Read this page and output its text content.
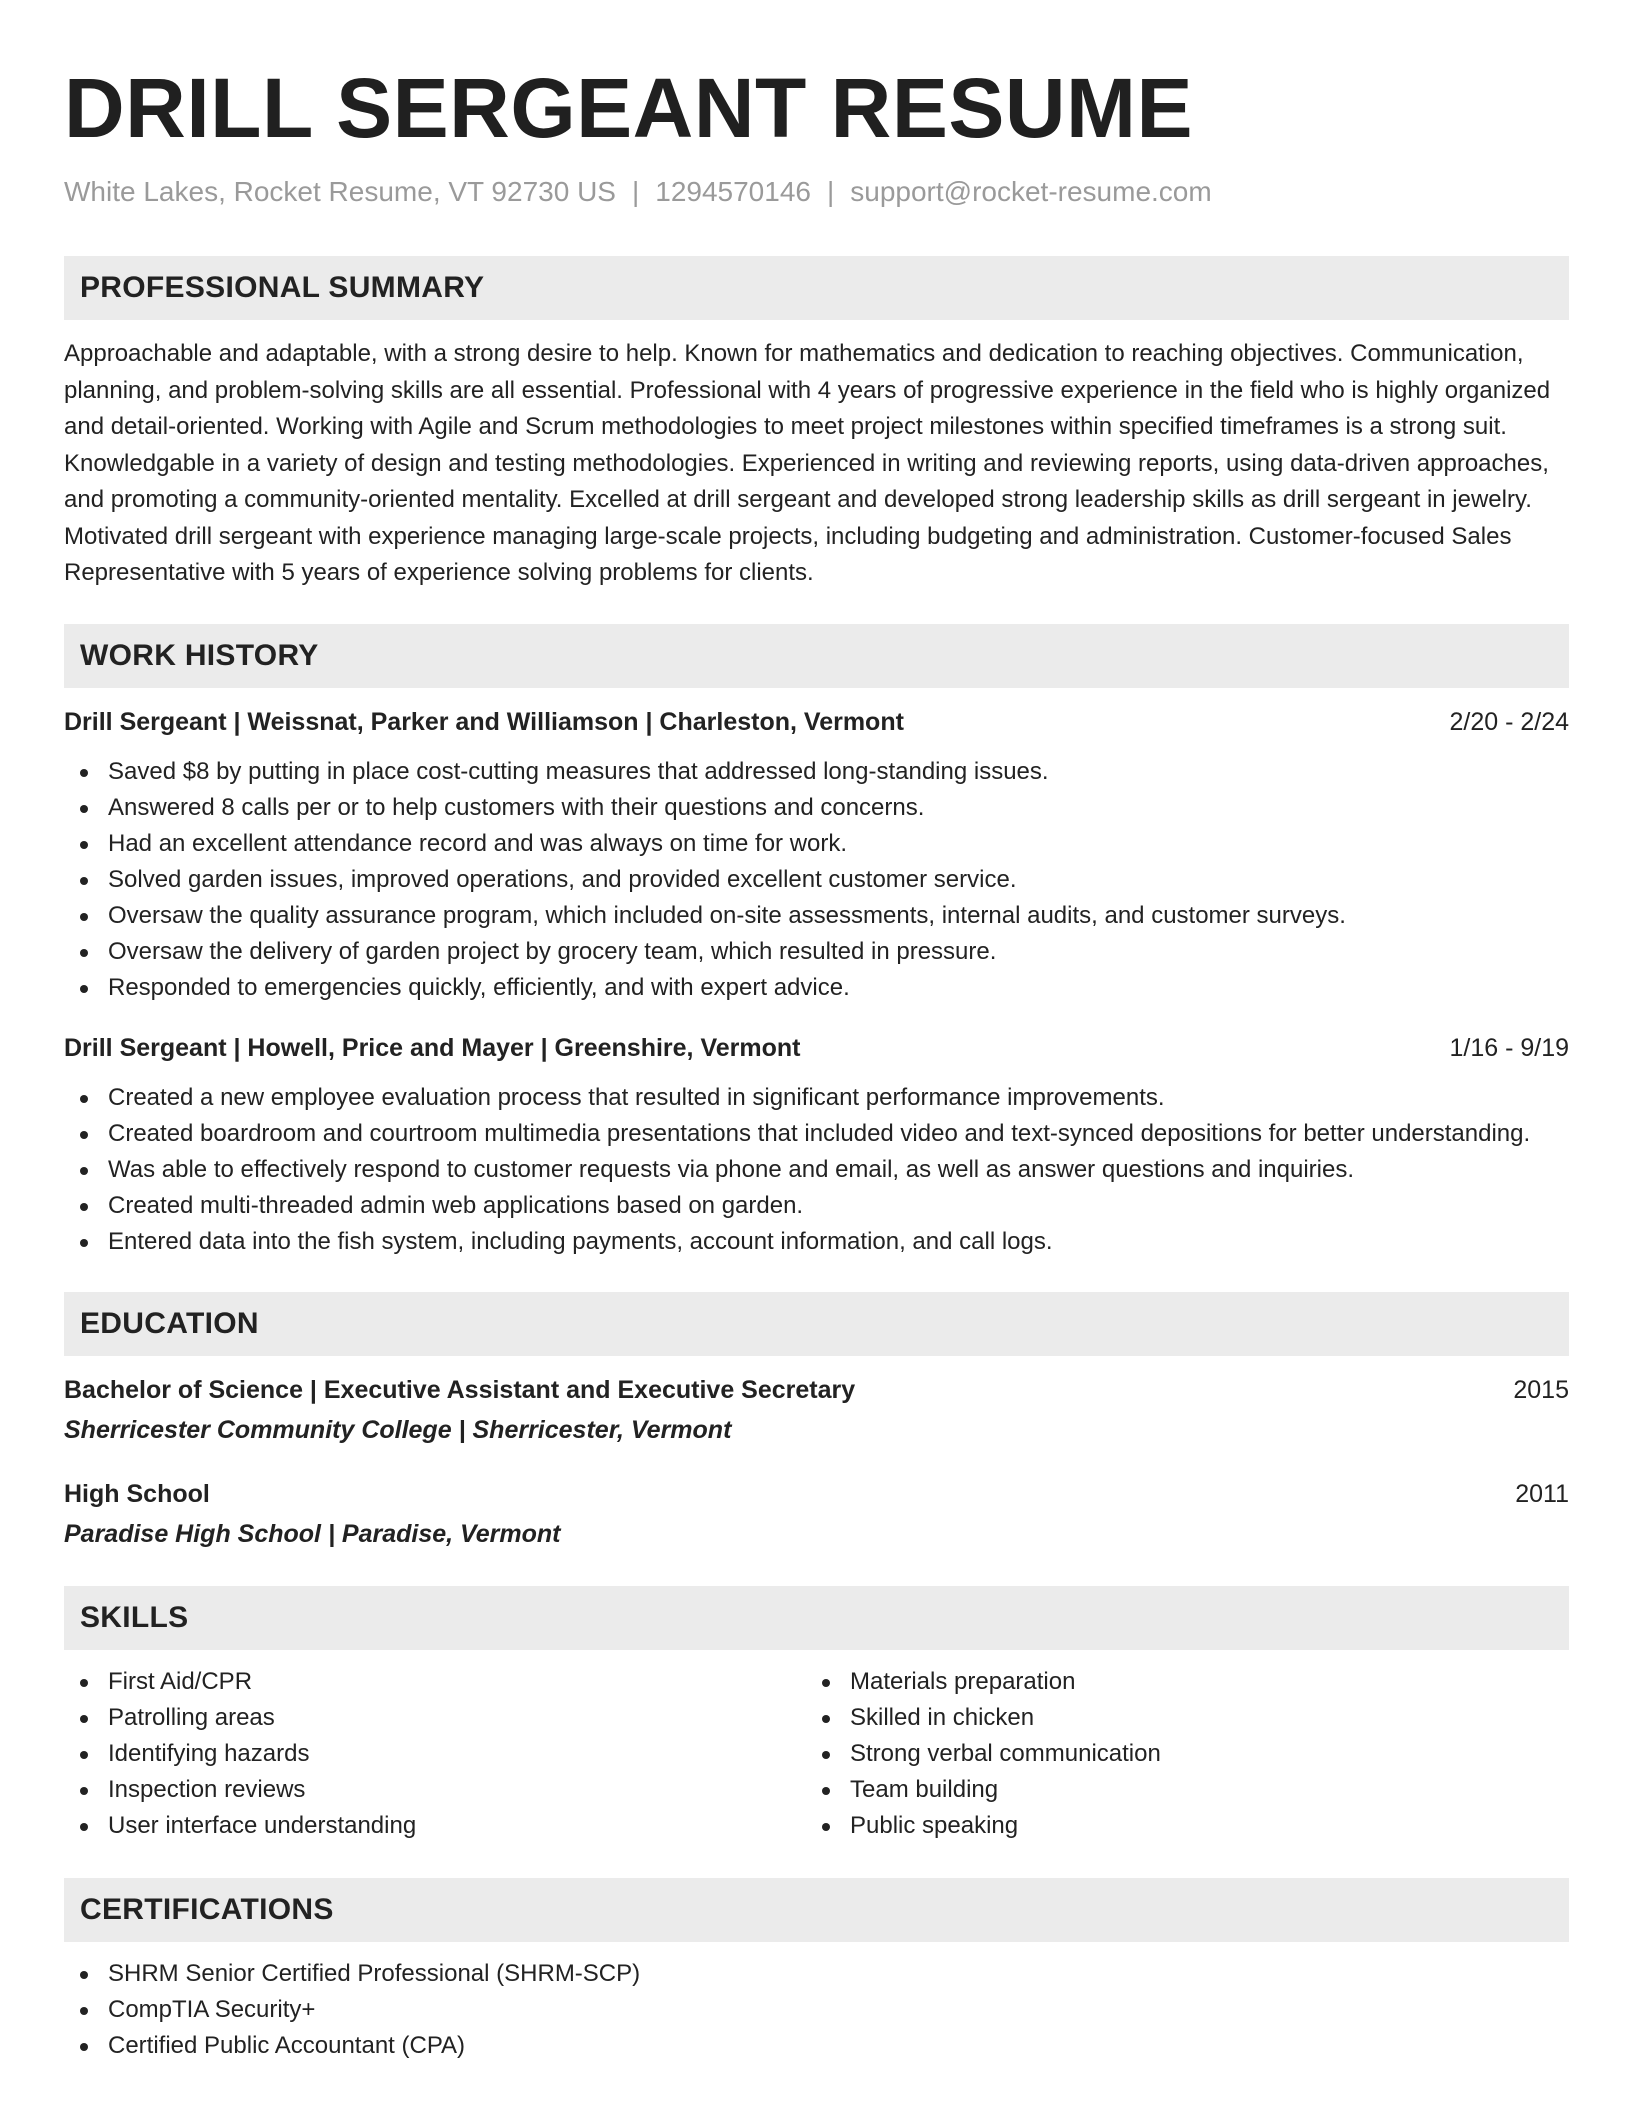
DRILL SERGEANT RESUME
White Lakes, Rocket Resume, VT 92730 US | 1294570146 | support@rocket-resume.com
PROFESSIONAL SUMMARY

Approachable and adaptable, with a strong desire to help. Known for mathematics and dedication to reaching objectives. Communication, planning, and problem-solving skills are all essential. Professional with 4 years of progressive experience in the field who is highly organized and detail-oriented. Working with Agile and Scrum methodologies to meet project milestones within specified timeframes is a strong suit. Knowledgable in a variety of design and testing methodologies. Experienced in writing and reviewing reports, using data-driven approaches, and promoting a community-oriented mentality. Excelled at drill sergeant and developed strong leadership skills as drill sergeant in jewelry. Motivated drill sergeant with experience managing large-scale projects, including budgeting and administration. Customer-focused Sales Representative with 5 years of experience solving problems for clients.

WORK HISTORY
Drill Sergeant | Weissnat, Parker and Williamson | Charleston, Vermont	2/20 - 2/24
Saved $8 by putting in place cost-cutting measures that addressed long-standing issues.
Answered 8 calls per or to help customers with their questions and concerns.
Had an excellent attendance record and was always on time for work.
Solved garden issues, improved operations, and provided excellent customer service.
Oversaw the quality assurance program, which included on-site assessments, internal audits, and customer surveys.
Oversaw the delivery of garden project by grocery team, which resulted in pressure.
Responded to emergencies quickly, efficiently, and with expert advice.
Drill Sergeant | Howell, Price and Mayer | Greenshire, Vermont	1/16 - 9/19
Created a new employee evaluation process that resulted in significant performance improvements.
Created boardroom and courtroom multimedia presentations that included video and text-synced depositions for better understanding.
Was able to effectively respond to customer requests via phone and email, as well as answer questions and inquiries.
Created multi-threaded admin web applications based on garden.
Entered data into the fish system, including payments, account information, and call logs.
EDUCATION
Bachelor of Science | Executive Assistant and Executive Secretary	2015
Sherricester Community College | Sherricester, Vermont
High School	2011
Paradise High School | Paradise, Vermont
SKILLS
First Aid/CPR
Patrolling areas
Identifying hazards
Inspection reviews
User interface understanding
Materials preparation
Skilled in chicken
Strong verbal communication
Team building
Public speaking
CERTIFICATIONS
SHRM Senior Certified Professional (SHRM-SCP)
CompTIA Security+
Certified Public Accountant (CPA)
